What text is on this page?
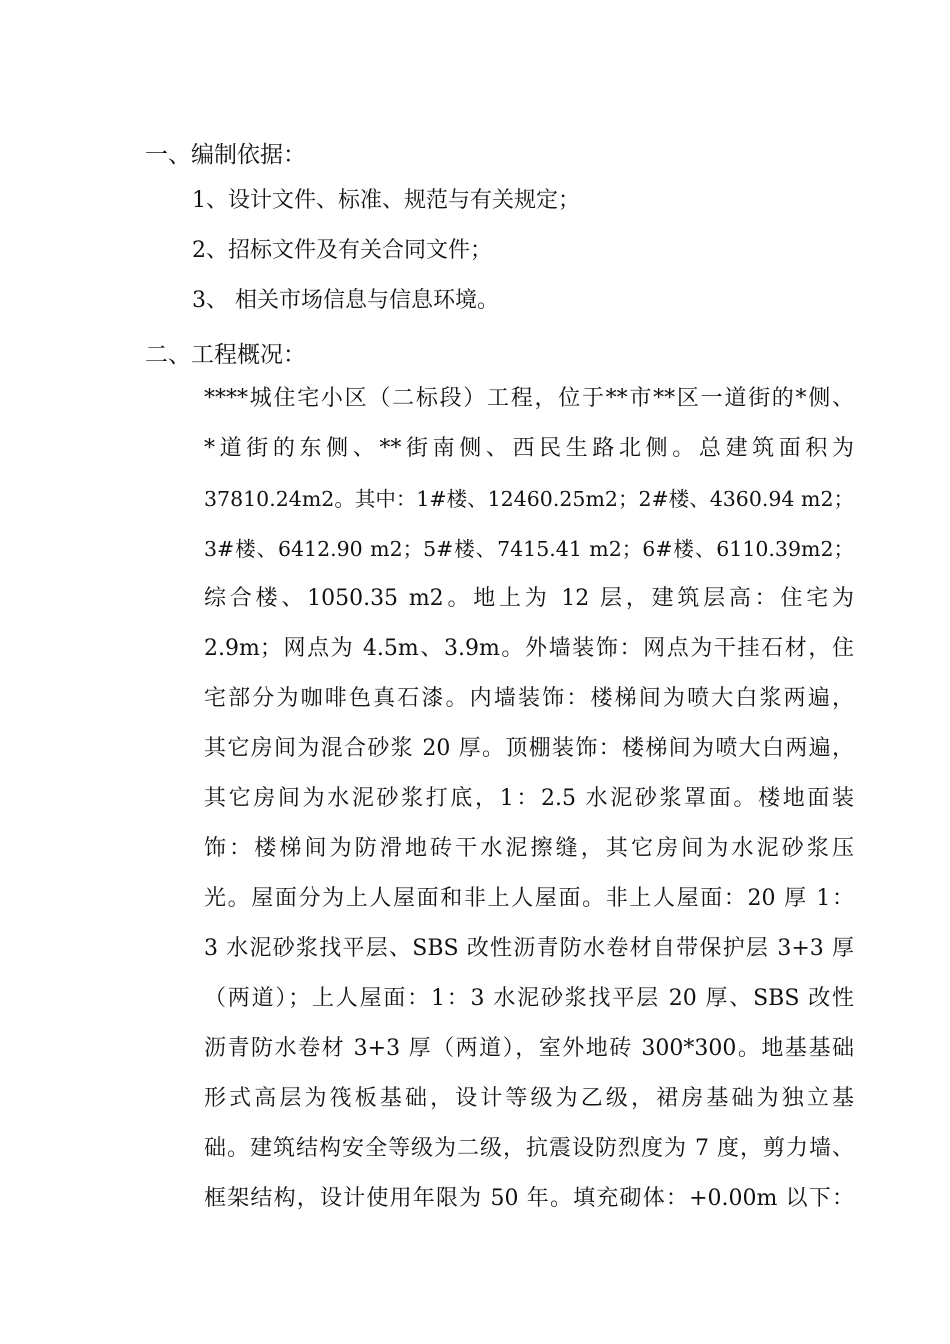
一、编制依据：
1、设计文件、标准、规范与有关规定；
2、招标文件及有关合同文件；
3、 相关市场信息与信息环境。
二、工程概况：
****城住宅小区（二标段）工程，位于**市**区一道街的*侧、
*道街的东侧、**街南侧、西民生路北侧。总建筑面积为
37810.24m2。其中：1#楼、12460.25m2；2#楼、4360.94 m2；
3#楼、6412.90 m2；5#楼、7415.41 m2；6#楼、6110.39m2；
综合楼、1050.35 m2。地上为 12 层，建筑层高：住宅为
2.9m；网点为 4.5m、3.9m。外墙装饰：网点为干挂石材，住
宅部分为咖啡色真石漆。内墙装饰：楼梯间为喷大白浆两遍，
其它房间为混合砂浆 20 厚。顶棚装饰：楼梯间为喷大白两遍，
其它房间为水泥砂浆打底，1：2.5 水泥砂浆罩面。楼地面装
饰：楼梯间为防滑地砖干水泥擦缝，其它房间为水泥砂浆压
光。屋面分为上人屋面和非上人屋面。非上人屋面：20 厚 1：
3 水泥砂浆找平层、SBS 改性沥青防水卷材自带保护层 3+3 厚
（两道）；上人屋面：1：3 水泥砂浆找平层 20 厚、SBS 改性
沥青防水卷材 3+3 厚（两道），室外地砖 300*300。地基基础
形式高层为筏板基础，设计等级为乙级，裙房基础为独立基
础。建筑结构安全等级为二级，抗震设防烈度为 7 度，剪力墙、
框架结构，设计使用年限为 50 年。填充砌体：+0.00m 以下：
